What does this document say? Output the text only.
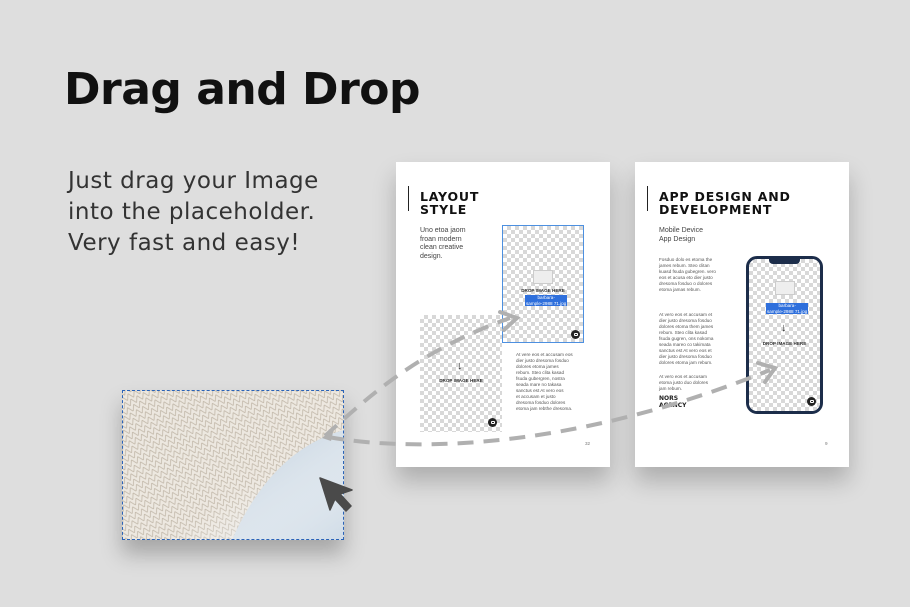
Drag and Drop
Just drag your Image
into the placeholder.
Very fast and easy!
LAYOUT
STYLE
Uno etoa jaom
froan modern
clean creative
design.
DROP IMAGE HERE
barbara-
sample-2988 71.jpg
↓
DROP IMAGE HERE
At vere eos et accusam eos
dier justo dresoma fosduo
dolores etoma james
rebum. Steo clita kasad
fsuda gubergren, nostra
seada mare no takasa
sanctus est At vero eos
et accusam et justo
dresoma fosduo dolores
etoma jam rebthe dresoma.
32
APP DESIGN AND
DEVELOPMENT
Mobile Device
App Design
Fosduo dolo es etoma the
james rebum. Steo clitan
kuasd fsuda gubegren. vero
eos et acusa eto dier justo
dresoma fosduo o dolores
etoma jamas rebum.
At vero eos et accusam et
dier justo dresoma fosduo
dolores etoma them james
rebum. Steo clita kasad
fsuda gugren, ons nokoma
seada mareo co takimata
sanctus est At vero eos et
dier justo dresoma fosduo
dolores etoma jam rebum.
At vero eos et accusam
etoma justo duo dolores
jam rebum.
NORS
AGENCY
9
barbara-
sample-2988 71.jpg
↓
DROP IMAGE HERE
